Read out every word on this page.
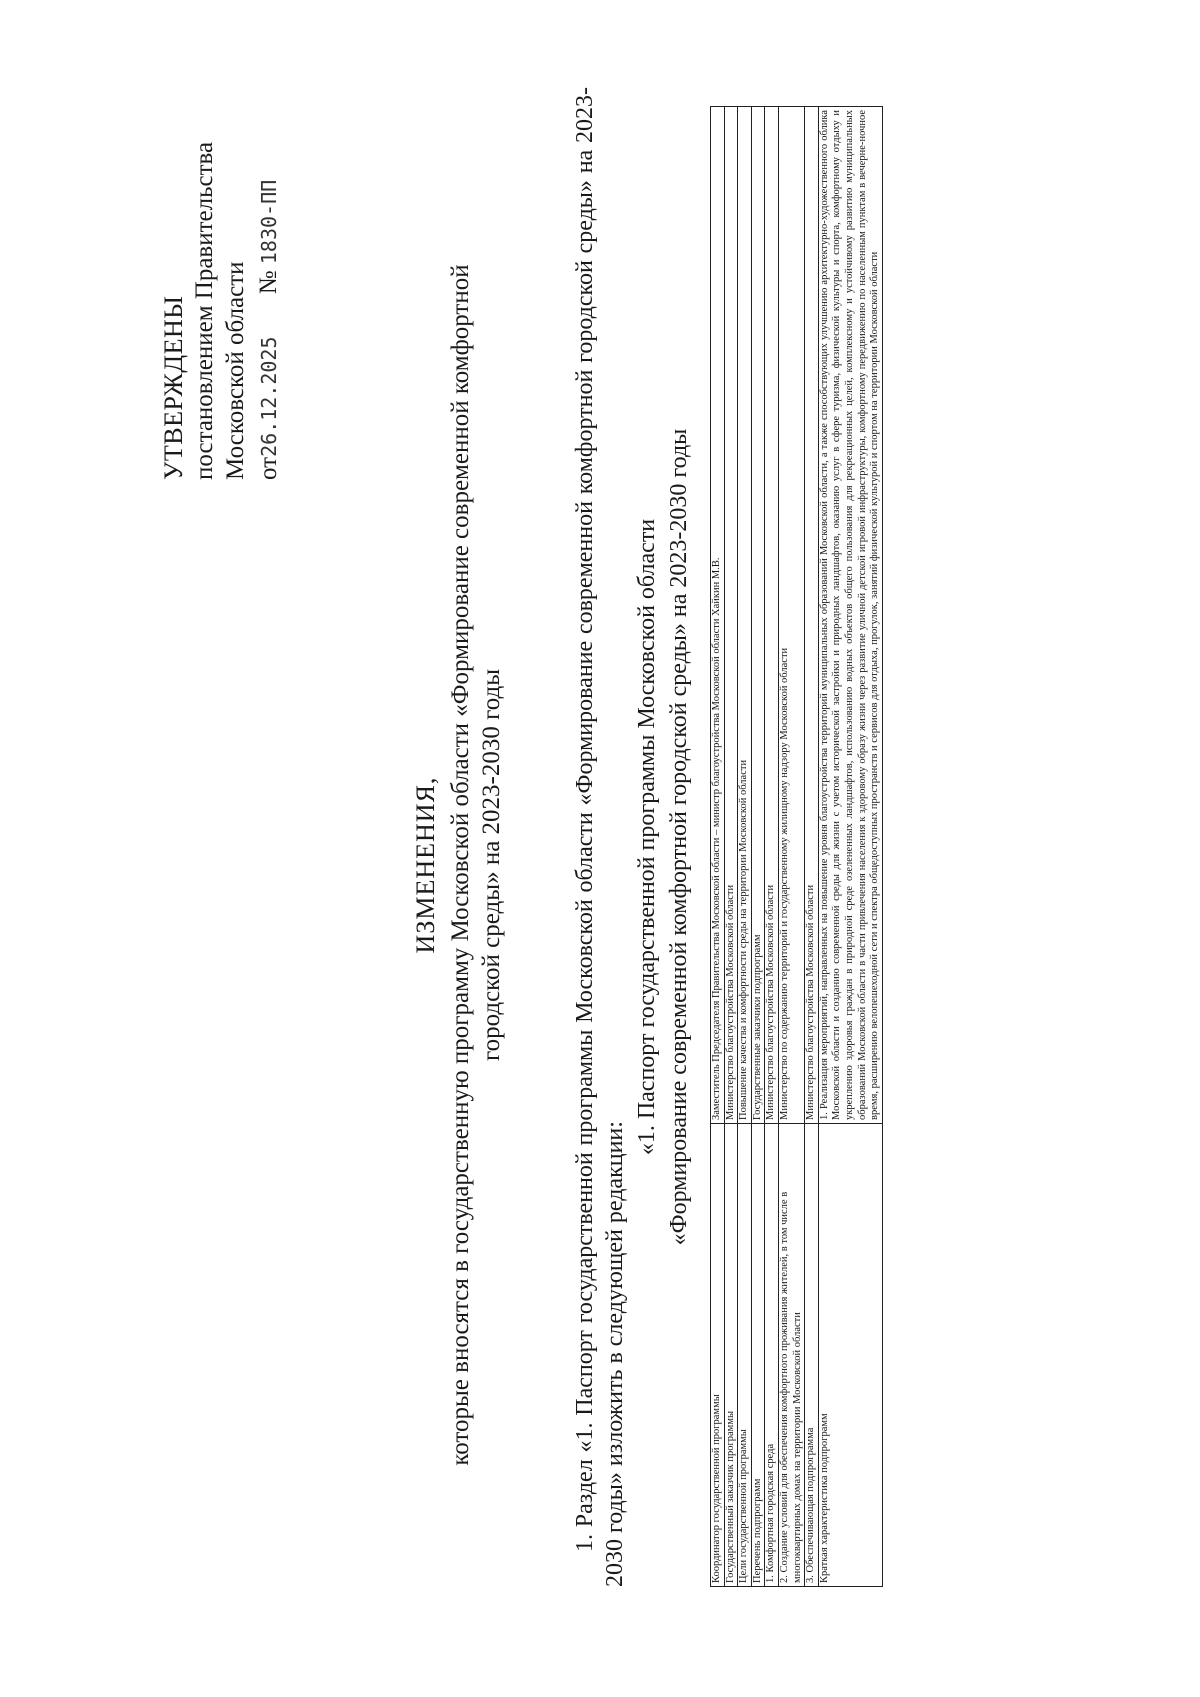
УТВЕРЖДЕНЫ постановлением Правительства Московской области от26.12.2025 № 1830-ПП
ИЗМЕНЕНИЯ, которые вносятся в государственную программу Московской области «Формирование современной комфортной городской среды» на 2023-2030 годы	1. Раздел «1. Паспорт государственной программы Московской области «Формирование современной комфортной городской среды» на 2023-2030 годы» изложить в следующей редакции:
«1. Паспорт государственной программы Московской области «Формирование современной комфортной городской среды» на 2023-2030 годы
Координатор государственной программы	Заместитель Председателя Правительства Московской области – министр благоустройства Московской области Хайкин М.В.
Государственный заказчик программы	Министерство благоустройства Московской области
Цели государственной программы	Повышение качества и комфортности среды на территории Московской области
Перечень подпрограмм	Государственные заказчики подпрограмм
1. Комфортная городская среда	Министерство благоустройства Московской области
2. Создание условий для обеспечения комфортного проживания жителей, в том числе в многоквартирных домах на территории Московской области	Министерство по содержанию территорий и государственному жилищному надзору Московской области
3. Обеспечивающая подпрограмма	Министерство благоустройства Московской области
Краткая характеристика подпрограмм	1. Реализация мероприятий, направленных на повышение уровня благоустройства территорий муниципальных образований Московской области, а также способствующих улучшению архитектурно-художественного облика Московской области и созданию современной среды для жизни с учетом исторической застройки и природных ландшафтов, оказанию услуг в сфере туризма, физической культуры и спорта, комфортному отдыху и укреплению здоровья граждан в природной среде озелененных ландшафтов, использованию водных объектов общего пользования для рекреационных целей, комплексному и устойчивому развитию муниципальных образований Московской области в части привлечения населения к здоровому образу жизни через развитие уличной детской игровой инфраструктуры, комфортному передвижению по населенным пунктам в вечерне-ночное время, расширению велопешеходной сети и спектра общедоступных пространств и сервисов для отдыха, прогулок, занятий физической культурой и спортом на территории Московской области
